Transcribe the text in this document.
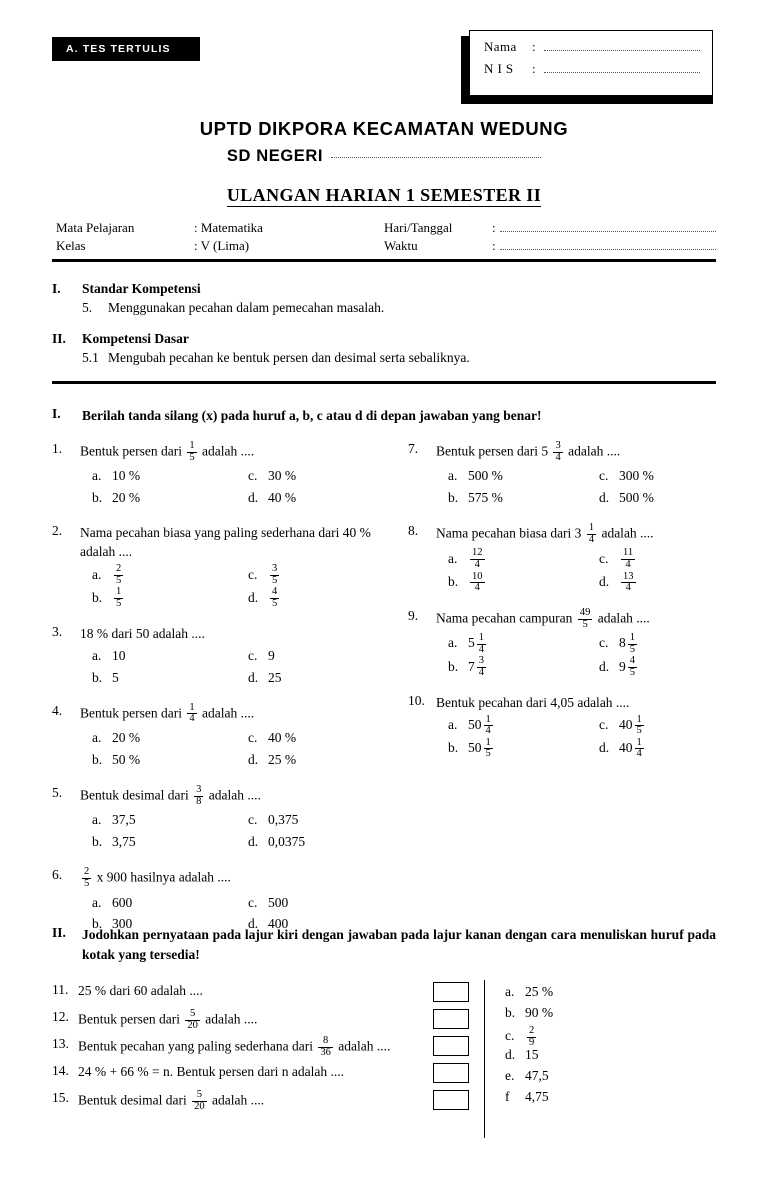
A. TES TERTULIS	Nama	:
N I S	:
UPTD DIKPORA KECAMATAN WEDUNG
SD NEGERI
ULANGAN HARIAN 1 SEMESTER II
Mata Pelajaran	: Matematika	Hari/Tanggal	:
Kelas	: V (Lima)	Waktu	:
I.	Standar Kompetensi
5.	Menggunakan pecahan dalam pemecahan masalah.
II.	Kompetensi Dasar
5.1 Mengubah pecahan ke bentuk persen dan desimal serta sebaliknya.
I.	Berilah tanda silang (x) pada huruf a, b, c atau d di depan jawaban yang benar!
1.	Bentuk persen dari $\frac{1}{5}$ adalah ....
a. 10 %	c. 30 %
b. 20 %	d. 40 %
2.	Nama pecahan biasa yang paling sederhana dari 40 % adalah ....
a.	$\frac{2}{5}$	c.	$\frac{3}{5}$
b.	$\frac{1}{5}$	d.	$\frac{4}{5}$
3.	18 % dari 50 adalah ....
a. 10	c. 9
b. 5	d. 25
4.	Bentuk persen dari $\frac{1}{4}$ adalah ....
a. 20 %	c. 40 %
b. 50 %	d. 25 %
5.	Bentuk desimal dari $\frac{3}{8}$ adalah ....
a. 37,5	c. 0,375
b. 3,75	d. 0,0375
6.	$\frac{2}{5}$ x 900 hasilnya adalah ....
a. 600	c. 500
b. 300	d. 400
7.	Bentuk persen dari $5 \frac{3}{4}$ adalah ....
a. 500 %	c. 300 %
b. 575 %	d. 500 %
8.	Nama pecahan biasa dari $3 \frac{1}{4}$ adalah ....
a.	$\frac{12}{4}$	c.	$\frac{11}{4}$
b.	$\frac{10}{4}$	d.	$\frac{13}{4}$
9.	Nama pecahan campuran $\frac{49}{5}$ adalah ....
a. $5 \frac{1}{4}$	c. $8 \frac{1}{5}$
b. $7 \frac{3}{4}$	d. $9 \frac{4}{5}$
10. Bentuk pecahan dari 4,05 adalah ....
a. $50 \frac{1}{4}$	c. $40 \frac{1}{5}$
b. $50 \frac{1}{5}$	d. $40 \frac{1}{4}$
II.	Jodohkan pernyataan pada lajur kiri dengan jawaban pada lajur kanan dengan cara menuliskan huruf pada kotak yang tersedia!
11. 25 % dari 60 adalah ....
12. Bentuk persen dari $\frac{5}{20}$ adalah ....
13. Bentuk pecahan yang paling sederhana dari $\frac{8}{36}$ adalah ....
14. 24 % + 66 % = n. Bentuk persen dari n adalah ....
15. Bentuk desimal dari $\frac{5}{20}$ adalah ....
a. 25 %
b. 90 %
c.	$\frac{2}{9}$
d. 15
e. 47,5
f	4,75
